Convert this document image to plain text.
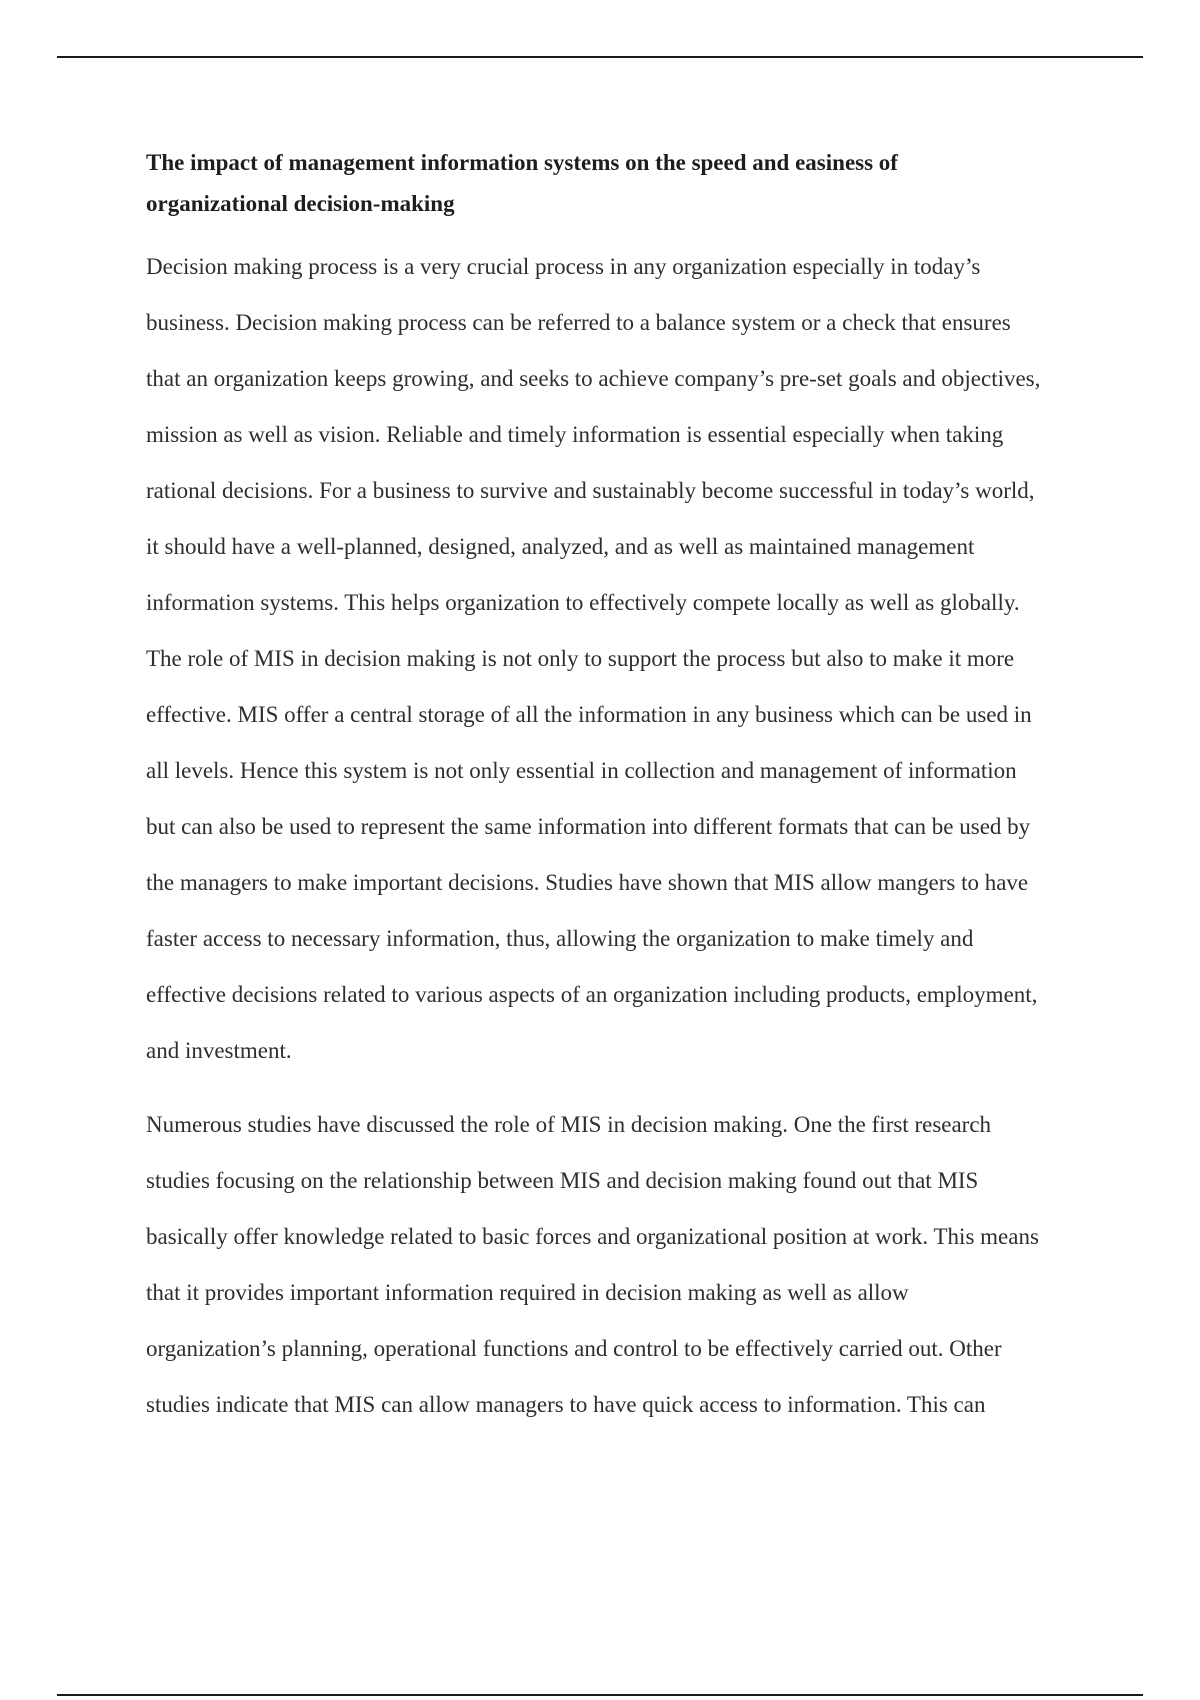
The impact of management information systems on the speed and easiness of
organizational decision-making

Decision making process is a very crucial process in any organization especially in today’s
business. Decision making process can be referred to a balance system or a check that ensures
that an organization keeps growing, and seeks to achieve company’s pre-set goals and objectives,
mission as well as vision. Reliable and timely information is essential especially when taking
rational decisions. For a business to survive and sustainably become successful in today’s world,
it should have a well-planned, designed, analyzed, and as well as maintained management
information systems. This helps organization to effectively compete locally as well as globally.
The role of MIS in decision making is not only to support the process but also to make it more
effective. MIS offer a central storage of all the information in any business which can be used in
all levels. Hence this system is not only essential in collection and management of information
but can also be used to represent the same information into different formats that can be used by
the managers to make important decisions. Studies have shown that MIS allow mangers to have
faster access to necessary information, thus, allowing the organization to make timely and
effective decisions related to various aspects of an organization including products, employment,
and investment.

Numerous studies have discussed the role of MIS in decision making. One the first research
studies focusing on the relationship between MIS and decision making found out that MIS
basically offer knowledge related to basic forces and organizational position at work. This means
that it provides important information required in decision making as well as allow
organization’s planning, operational functions and control to be effectively carried out. Other
studies indicate that MIS can allow managers to have quick access to information. This can
